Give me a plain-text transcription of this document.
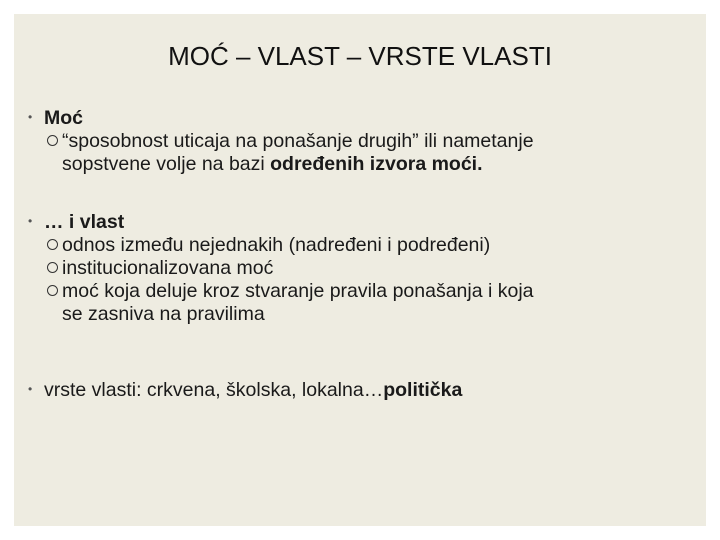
MOĆ – VLAST – VRSTE VLASTI
• Moć
“sposobnost uticaja na ponašanje drugih” ili nametanje
sopstvene volje na bazi određenih izvora moći.
• … i vlast
odnos između nejednakih (nadređeni i podređeni)
institucionalizovana moć
moć koja deluje kroz stvaranje pravila ponašanja i koja
se zasniva na pravilima
• vrste vlasti: crkvena, školska, lokalna…politička
